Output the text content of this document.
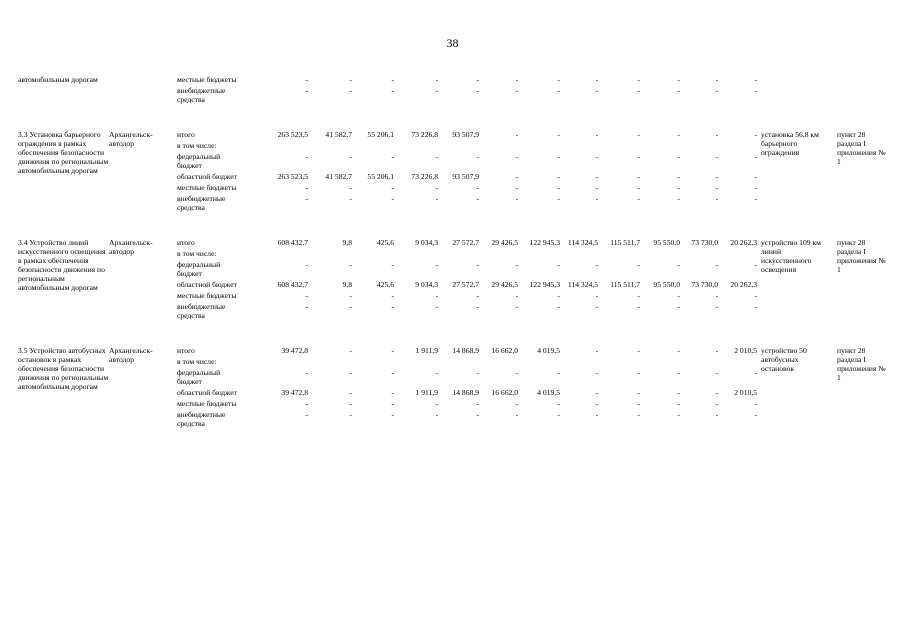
38
автомобильным дорогам		местные бюджеты	-	-	-	-	-	-	-	-	-	-	-	-		
		внебюджетные средства	-	-	-	-	-	-	-	-	-	-	-	-		
3.3 Установка барьерного ограждения в рамках обеспечения безопасности движения по региональным автомобильным дорогам	Архангельск-автодор	итого	263 523,5	41 582,7	55 206,1	73 226,8	93 507,9	-	-	-	-	-	-	-	установка 56,8 км барьерного ограждения	пункт 28 раздела I приложения № 1
		в том числе:														
		федеральный бюджет	-	-	-	-	-	-	-	-	-	-	-	-		
		областной бюджет	263 523,5	41 582,7	55 206,1	73 226,8	93 507,9	-	-	-	-	-	-	-		
		местные бюджеты	-	-	-	-	-	-	-	-	-	-	-	-		
		внебюджетные средства	-	-	-	-	-	-	-	-	-	-	-	-		
3.4 Устройство линий искусственного освещения в рамках обеспечения безопасности движения по региональным автомобильным дорогам	Архангельск-автодор	итого	608 432,7	9,8	425,6	9 034,3	27 572,7	29 426,5	122 945,3	114 324,5	115 511,7	95 550,0	73 730,0	20 262,3	устройство 109 км линий искусственного освещения	пункт 28 раздела I приложения № 1
		в том числе:														
		федеральный бюджет	-	-	-	-	-	-	-	-	-	-	-	-		
		областной бюджет	608 432,7	9,8	425,6	9 034,3	27 572,7	29 426,5	122 945,3	114 324,5	115 511,7	95 550,0	73 730,0	20 262,3		
		местные бюджеты	-	-	-	-	-	-	-	-	-	-	-	-		
		внебюджетные средства	-	-	-	-	-	-	-	-	-	-	-	-		
3.5 Устройство автобусных остановок в рамках обеспечения безопасности движения по региональным автомобильным дорогам	Архангельск-автодор	итого	39 472,8	-	-	1 911,9	14 868,9	16 662,0	4 019,5	-	-	-	-	2 010,5	устройство 50 автобусных остановок	пункт 28 раздела I приложения № 1
		в том числе:														
		федеральный бюджет	-	-	-	-	-	-	-	-	-	-	-	-		
		областной бюджет	39 472,8	-	-	1 911,9	14 868,9	16 662,0	4 019,5	-	-	-	-	2 010,5		
		местные бюджеты	-	-	-	-	-	-	-	-	-	-	-	-		
		внебюджетные средства	-	-	-	-	-	-	-	-	-	-	-	-		
